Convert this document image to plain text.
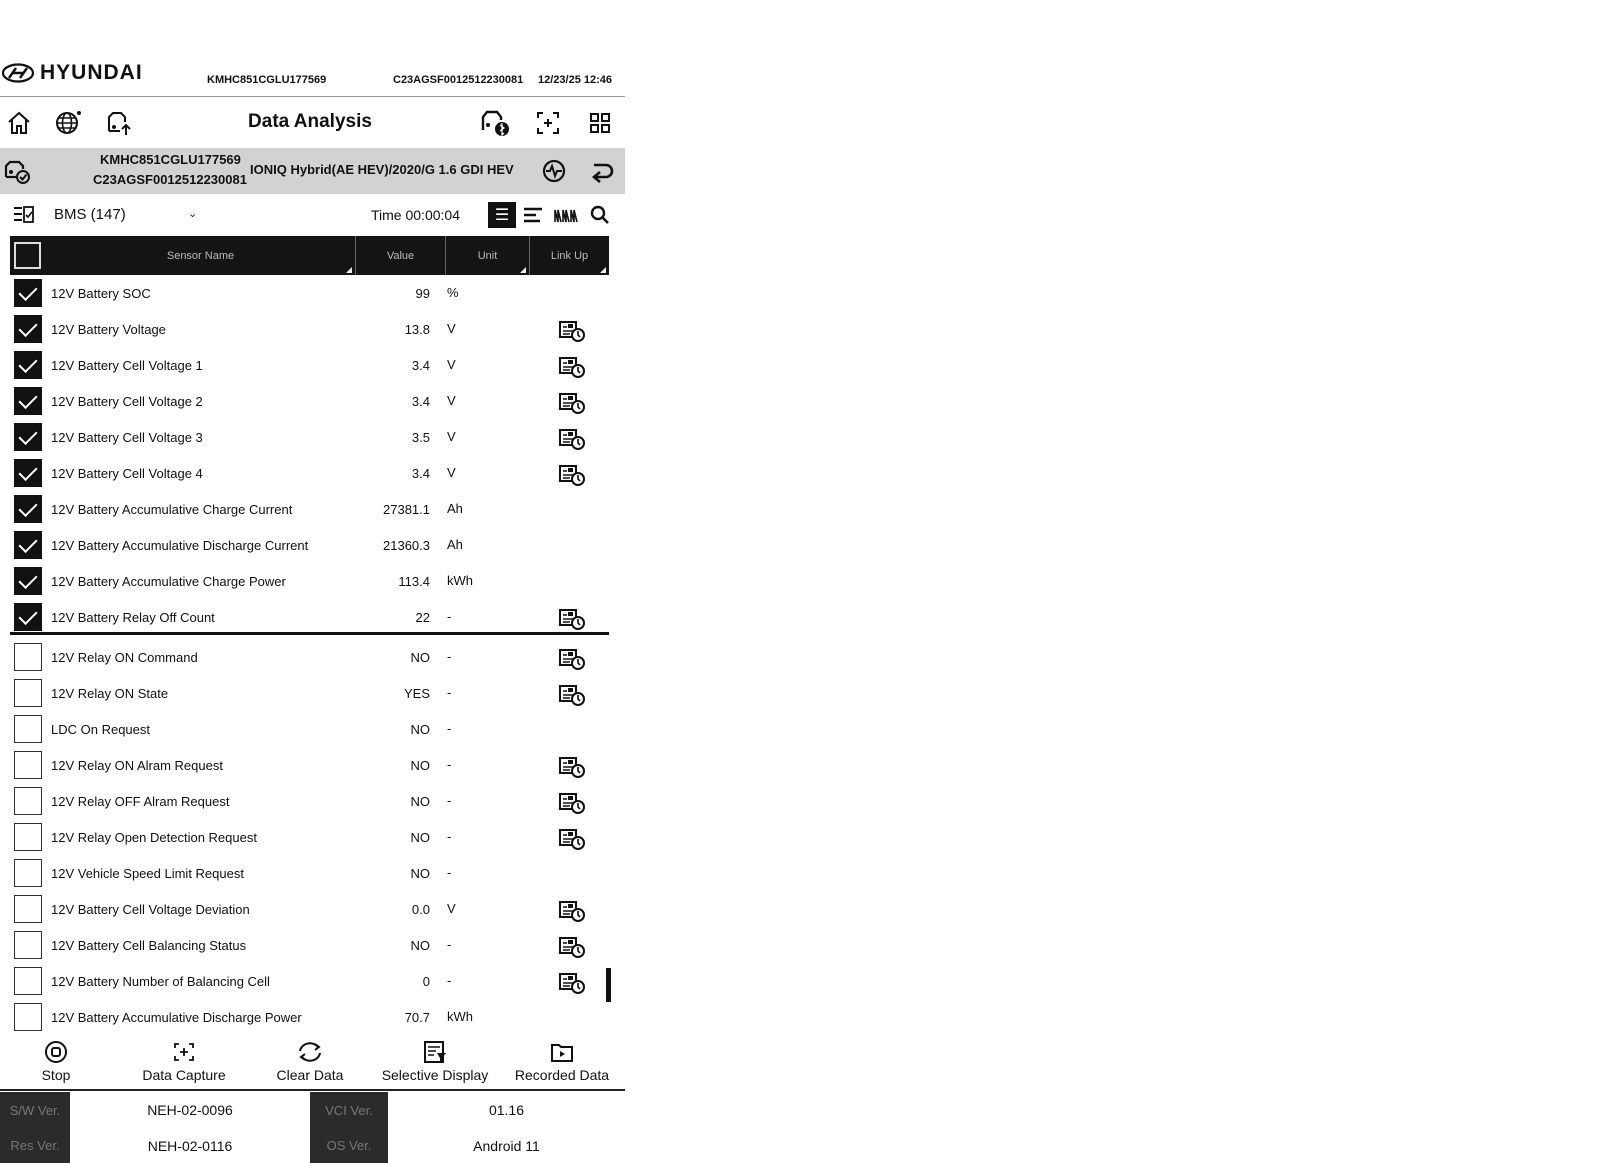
HYUNDAI	KMHC851CGLU177569	C23AGSF0012512230081 12/23/25 12:46
Data Analysis
KMHC851CGLU177569
C23AGSF0012512230081
IONIQ Hybrid(AE HEV)/2020/G 1.6 GDI HEV
BMS (147)	⌄	Time 00:00:04	☰
Sensor Name	Value	Unit	Link Up
12V Battery SOC	99 %
12V Battery Voltage	13.8 V
12V Battery Cell Voltage 1	3.4 V
12V Battery Cell Voltage 2	3.4 V
12V Battery Cell Voltage 3	3.5 V
12V Battery Cell Voltage 4	3.4 V
12V Battery Accumulative Charge Current	27381.1 Ah
12V Battery Accumulative Discharge Current	21360.3 Ah
12V Battery Accumulative Charge Power	113.4 kWh
12V Battery Relay Off Count	22 -
12V Relay ON Command	NO -
12V Relay ON State	YES -
LDC On Request	NO -
12V Relay ON Alram Request	NO -
12V Relay OFF Alram Request	NO -
12V Relay Open Detection Request	NO -
12V Vehicle Speed Limit Request	NO -
12V Battery Cell Voltage Deviation	0.0 V
12V Battery Cell Balancing Status	NO -
12V Battery Number of Balancing Cell	0 -
12V Battery Accumulative Discharge Power	70.7 kWh
Stop	Data Capture	Clear Data	Selective Display Recorded Data
S/W Ver.	NEH-02-0096	VCI Ver.	01.16
Res Ver.	NEH-02-0116	OS Ver.	Android 11
